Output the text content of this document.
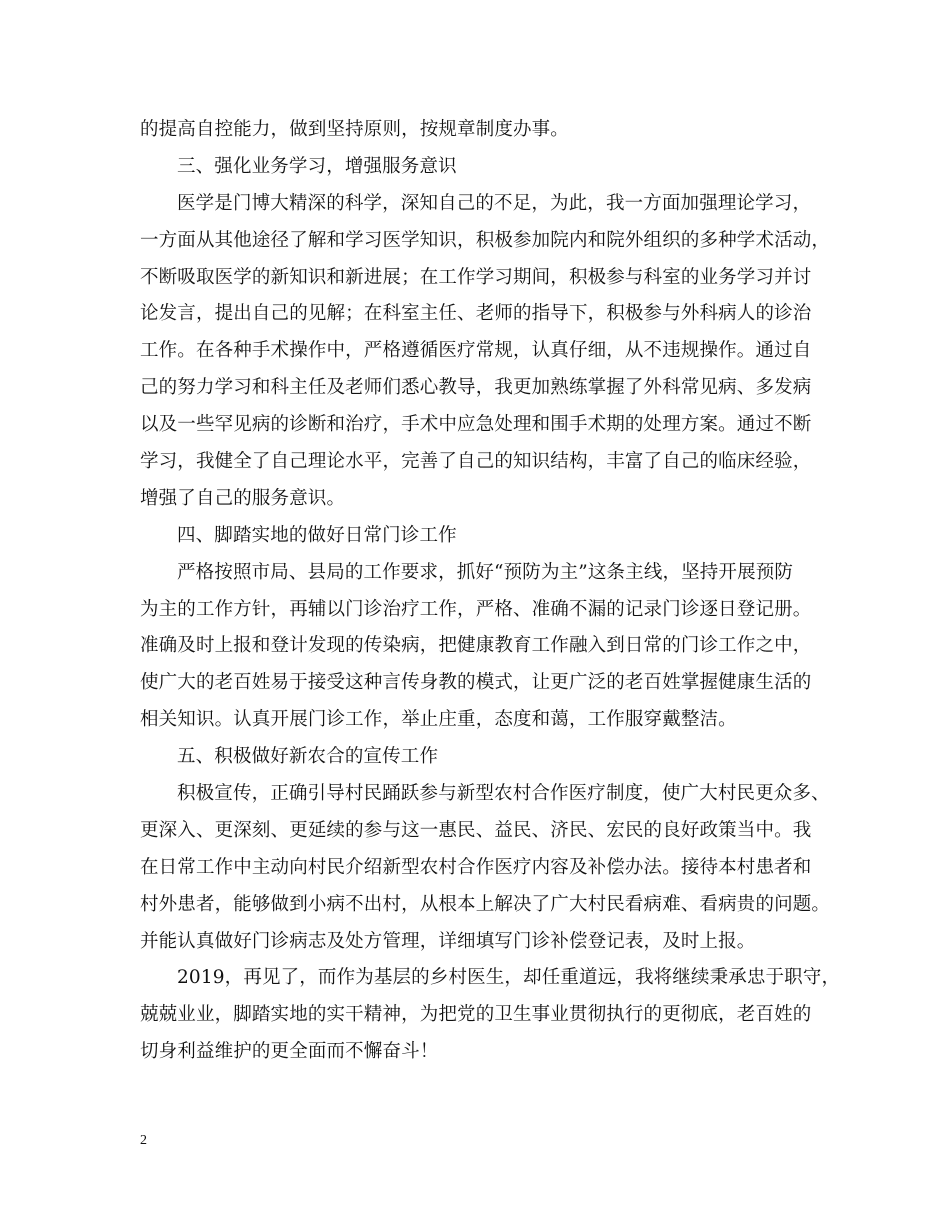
的提高自控能力，做到坚持原则，按规章制度办事。
三、强化业务学习，增强服务意识
医学是门博大精深的科学，深知自己的不足，为此，我一方面加强理论学习，
一方面从其他途径了解和学习医学知识，积极参加院内和院外组织的多种学术活动，
不断吸取医学的新知识和新进展；在工作学习期间，积极参与科室的业务学习并讨
论发言，提出自己的见解；在科室主任、老师的指导下，积极参与外科病人的诊治
工作。在各种手术操作中，严格遵循医疗常规，认真仔细，从不违规操作。通过自
己的努力学习和科主任及老师们悉心教导，我更加熟练掌握了外科常见病、多发病
以及一些罕见病的诊断和治疗，手术中应急处理和围手术期的处理方案。通过不断
学习，我健全了自己理论水平，完善了自己的知识结构，丰富了自己的临床经验，
增强了自己的服务意识。
四、脚踏实地的做好日常门诊工作
严格按照市局、县局的工作要求，抓好“预防为主”这条主线，坚持开展预防
为主的工作方针，再辅以门诊治疗工作，严格、准确不漏的记录门诊逐日登记册。
准确及时上报和登计发现的传染病，把健康教育工作融入到日常的门诊工作之中，
使广大的老百姓易于接受这种言传身教的模式，让更广泛的老百姓掌握健康生活的
相关知识。认真开展门诊工作，举止庄重，态度和蔼，工作服穿戴整洁。
五、积极做好新农合的宣传工作
积极宣传，正确引导村民踊跃参与新型农村合作医疗制度，使广大村民更众多、
更深入、更深刻、更延续的参与这一惠民、益民、济民、宏民的良好政策当中。我
在日常工作中主动向村民介绍新型农村合作医疗内容及补偿办法。接待本村患者和
村外患者，能够做到小病不出村，从根本上解决了广大村民看病难、看病贵的问题。
并能认真做好门诊病志及处方管理，详细填写门诊补偿登记表，及时上报。
2019，再见了，而作为基层的乡村医生，却任重道远，我将继续秉承忠于职守，
兢兢业业，脚踏实地的实干精神，为把党的卫生事业贯彻执行的更彻底，老百姓的
切身利益维护的更全面而不懈奋斗！
2
